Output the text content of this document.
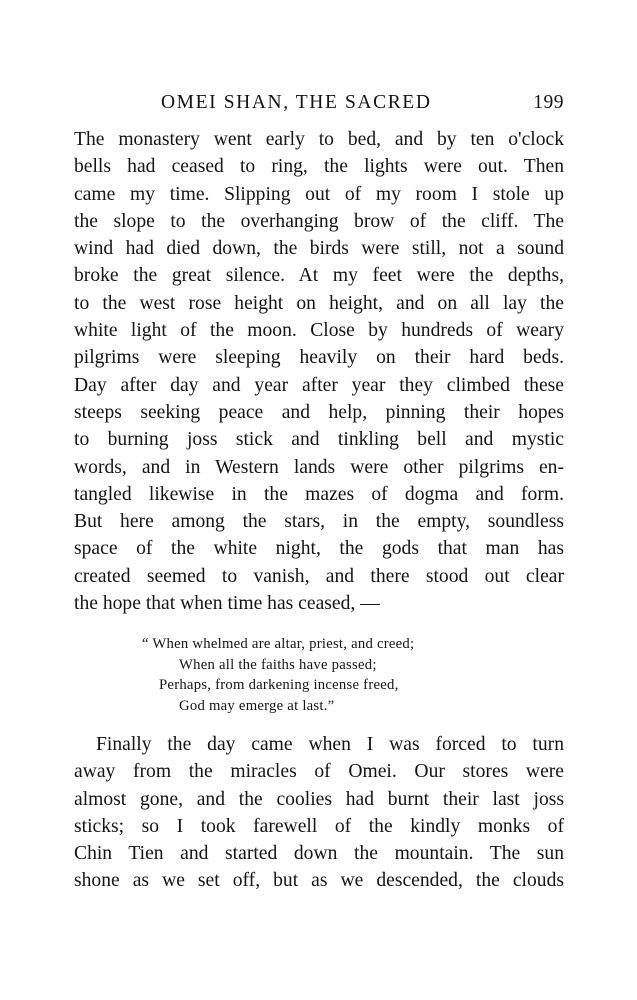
OMEI SHAN, THE SACRED	199
The monastery went early to bed, and by ten o'clock
bells had ceased to ring, the lights were out. Then
came my time. Slipping out of my room I stole up
the slope to the overhanging brow of the cliff. The
wind had died down, the birds were still, not a sound
broke the great silence. At my feet were the depths,
to the west rose height on height, and on all lay the
white light of the moon. Close by hundreds of weary
pilgrims were sleeping heavily on their hard beds.
Day after day and year after year they climbed these
steeps seeking peace and help, pinning their hopes
to burning joss stick and tinkling bell and mystic
words, and in Western lands were other pilgrims en-
tangled likewise in the mazes of dogma and form.
But here among the stars, in the empty, soundless
space of the white night, the gods that man has
created seemed to vanish, and there stood out clear
the hope that when time has ceased, —
“ When whelmed are altar, priest, and creed;
When all the faiths have passed;
Perhaps, from darkening incense freed,
God may emerge at last.”
Finally the day came when I was forced to turn
away from the miracles of Omei. Our stores were
almost gone, and the coolies had burnt their last joss
sticks; so I took farewell of the kindly monks of
Chin Tien and started down the mountain. The sun
shone as we set off, but as we descended, the clouds
